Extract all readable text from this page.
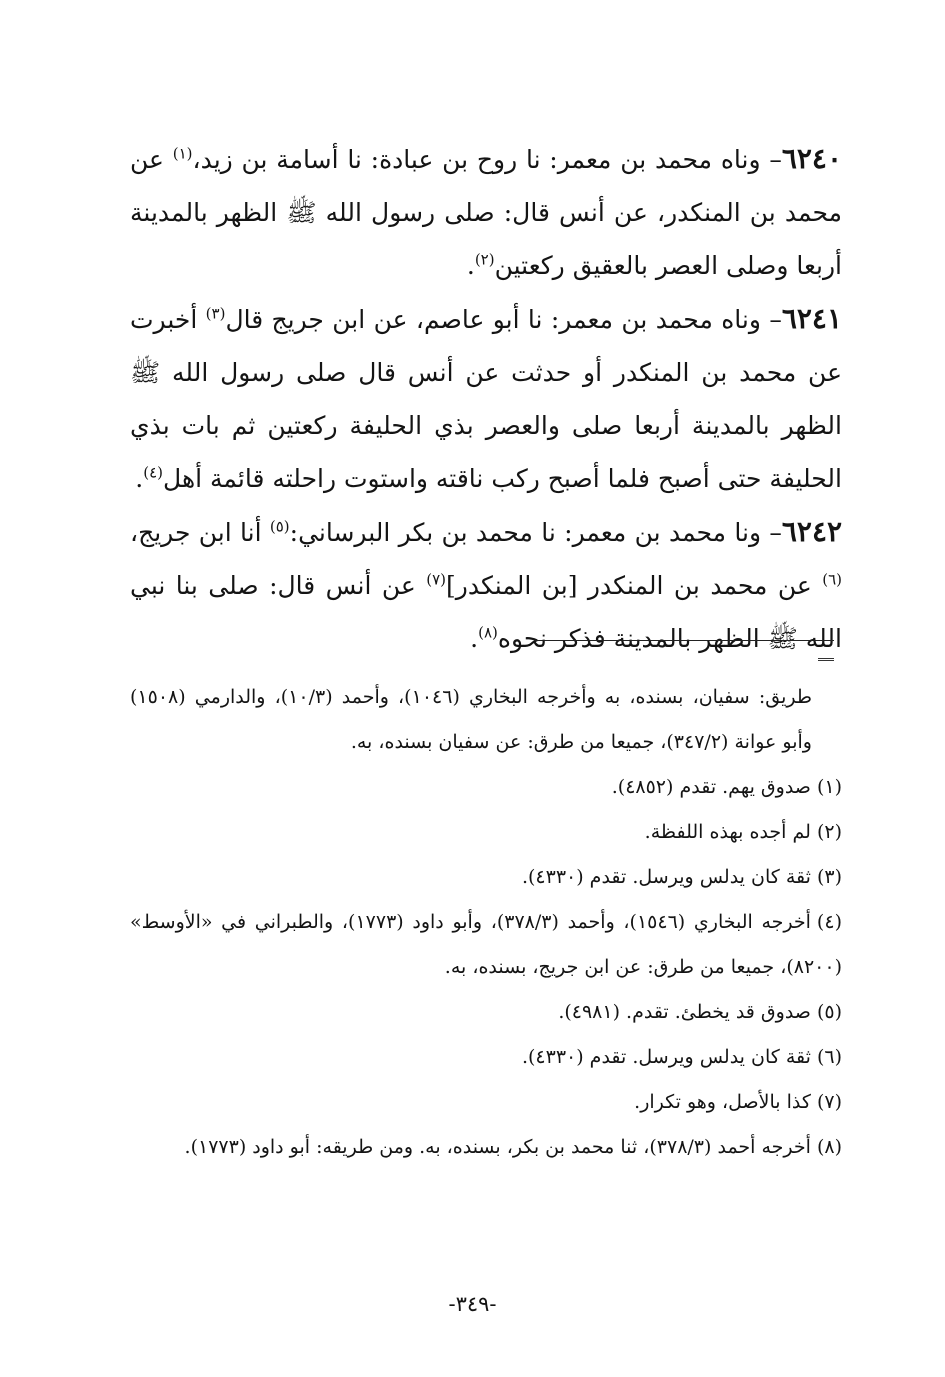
٦٢٤٠– وناه محمد بن معمر: نا روح بن عبادة: نا أسامة بن زيد،$^{(١)}$ عن محمد بن المنكدر، عن أنس قال: صلى رسول الله ﷺ الظهر بالمدينة أربعا وصلى العصر بالعقيق ركعتين$^{(٢)}$.

٦٢٤١– وناه محمد بن معمر: نا أبو عاصم، عن ابن جريج قال$^{(٣)}$ أخبرت عن محمد بن المنكدر أو حدثت عن أنس قال صلى رسول الله ﷺ الظهر بالمدينة أربعا صلى والعصر بذي الحليفة ركعتين ثم بات بذي الحليفة حتى أصبح فلما أصبح ركب ناقته واستوت راحلته قائمة أهل$^{(٤)}$.

٦٢٤٢– ونا محمد بن معمر: نا محمد بن بكر البرساني:$^{(٥)}$ أنا ابن جريج،$^{(٦)}$ عن محمد بن المنكدر [بن المنكدر]$^{(٧)}$ عن أنس قال: صلى بنا نبي الله ﷺ الظهر بالمدينة فذكر نحوه$^{(٨)}$.

طريق: سفيان، بسنده، به وأخرجه البخاري (١٠٤٦)، وأحمد (١٠/٣)، والدارمي (١٥٠٨) وأبو عوانة (٣٤٧/٢)، جميعا من طرق: عن سفيان بسنده، به.

(١)صدوق يهم. تقدم (٤٨٥٢).

(٢)لم أجده بهذه اللفظة.

(٣)ثقة كان يدلس ويرسل. تقدم (٤٣٣٠).

(٤)أخرجه البخاري (١٥٤٦)، وأحمد (٣٧٨/٣)، وأبو داود (١٧٧٣)، والطبراني في «الأوسط» (٨٢٠٠)، جميعا من طرق: عن ابن جريج، بسنده، به.

(٥)صدوق قد يخطئ. تقدم. (٤٩٨١).

(٦)ثقة كان يدلس ويرسل. تقدم (٤٣٣٠).

(٧)كذا بالأصل، وهو تكرار.

(٨)أخرجه أحمد (٣٧٨/٣)، ثنا محمد بن بكر، بسنده، به. ومن طريقه: أبو داود (١٧٧٣).

-٣٤٩-
